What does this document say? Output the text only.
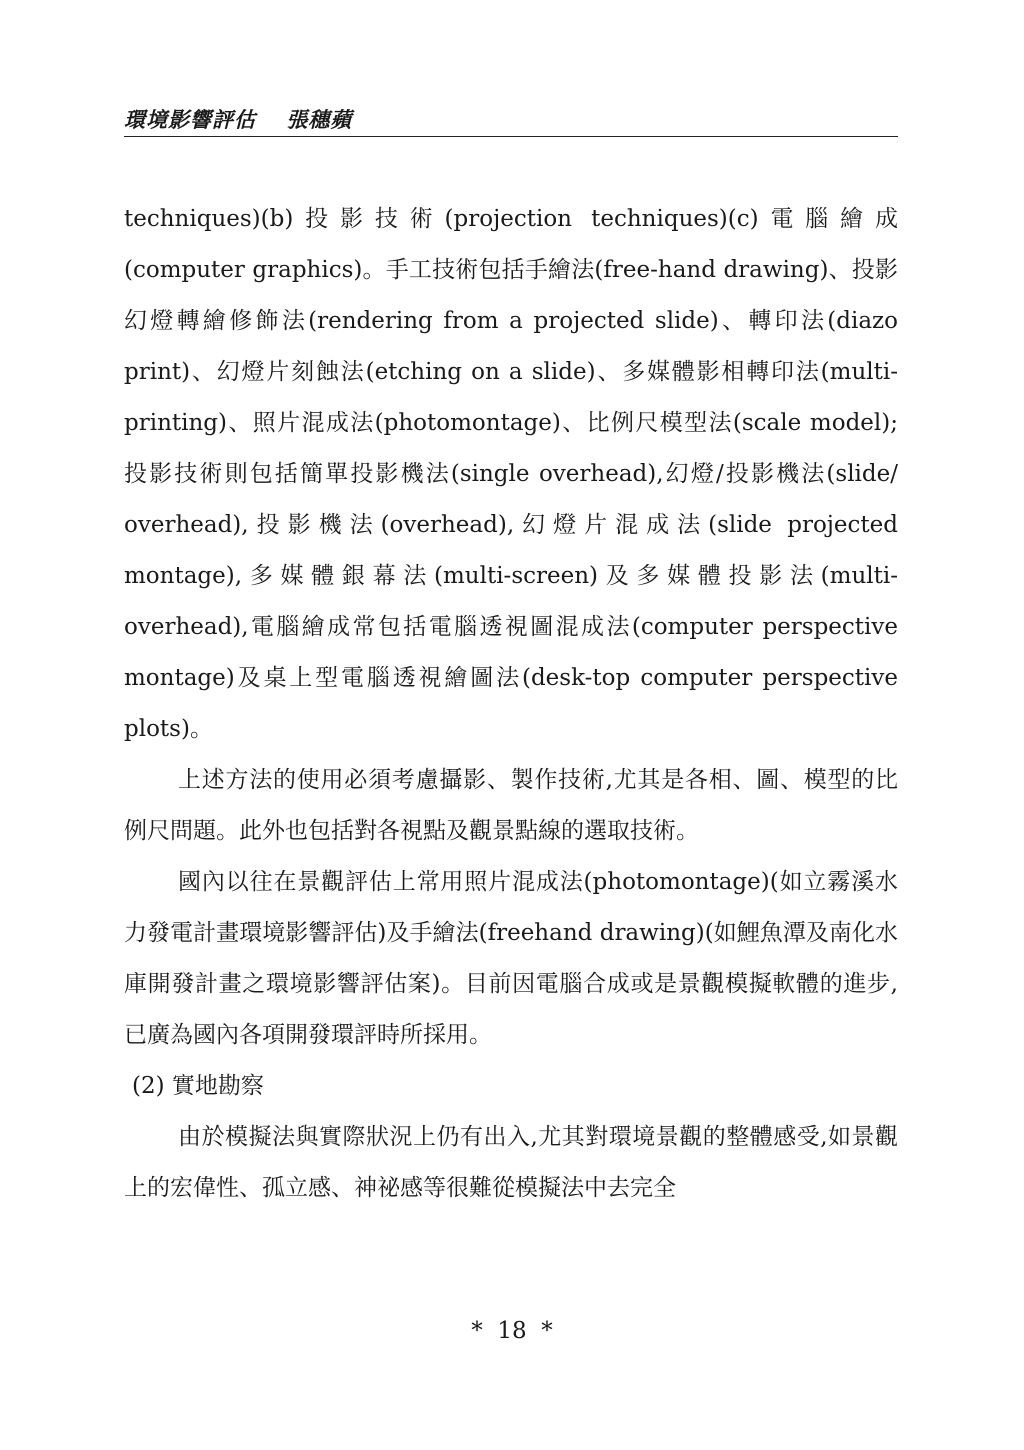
環境影響評估 張穗蘋

techniques)(b)投影技術(projection techniques)(c)電腦繪成(computer graphics)。手工技術包括手繪法(free-hand drawing)、投影幻燈轉繪修飾法(rendering from a projected slide)、轉印法(diazo print)、幻燈片刻蝕法(etching on a slide)、多媒體影相轉印法(multi- printing)、照片混成法(photomontage)、比例尺模型法(scale model);投影技術則包括簡單投影機法(single overhead),幻燈/投影機法(slide/ overhead),投影機法(overhead),幻燈片混成法(slide projected montage),多媒體銀幕法(multi-screen)及多媒體投影法(multi-overhead),電腦繪成常包括電腦透視圖混成法(computer perspective montage)及桌上型電腦透視繪圖法(desk-top computer perspective plots)。

上述方法的使用必須考慮攝影、製作技術,尤其是各相、圖、模型的比例尺問題。此外也包括對各視點及觀景點線的選取技術。

國內以往在景觀評估上常用照片混成法(photomontage)(如立霧溪水力發電計畫環境影響評估)及手繪法(freehand drawing)(如鯉魚潭及南化水庫開發計畫之環境影響評估案)。目前因電腦合成或是景觀模擬軟體的進步,已廣為國內各項開發環評時所採用。

(2) 實地勘察

由於模擬法與實際狀況上仍有出入,尤其對環境景觀的整體感受,如景觀上的宏偉性、孤立感、神祕感等很難從模擬法中去完全

*  18  *
